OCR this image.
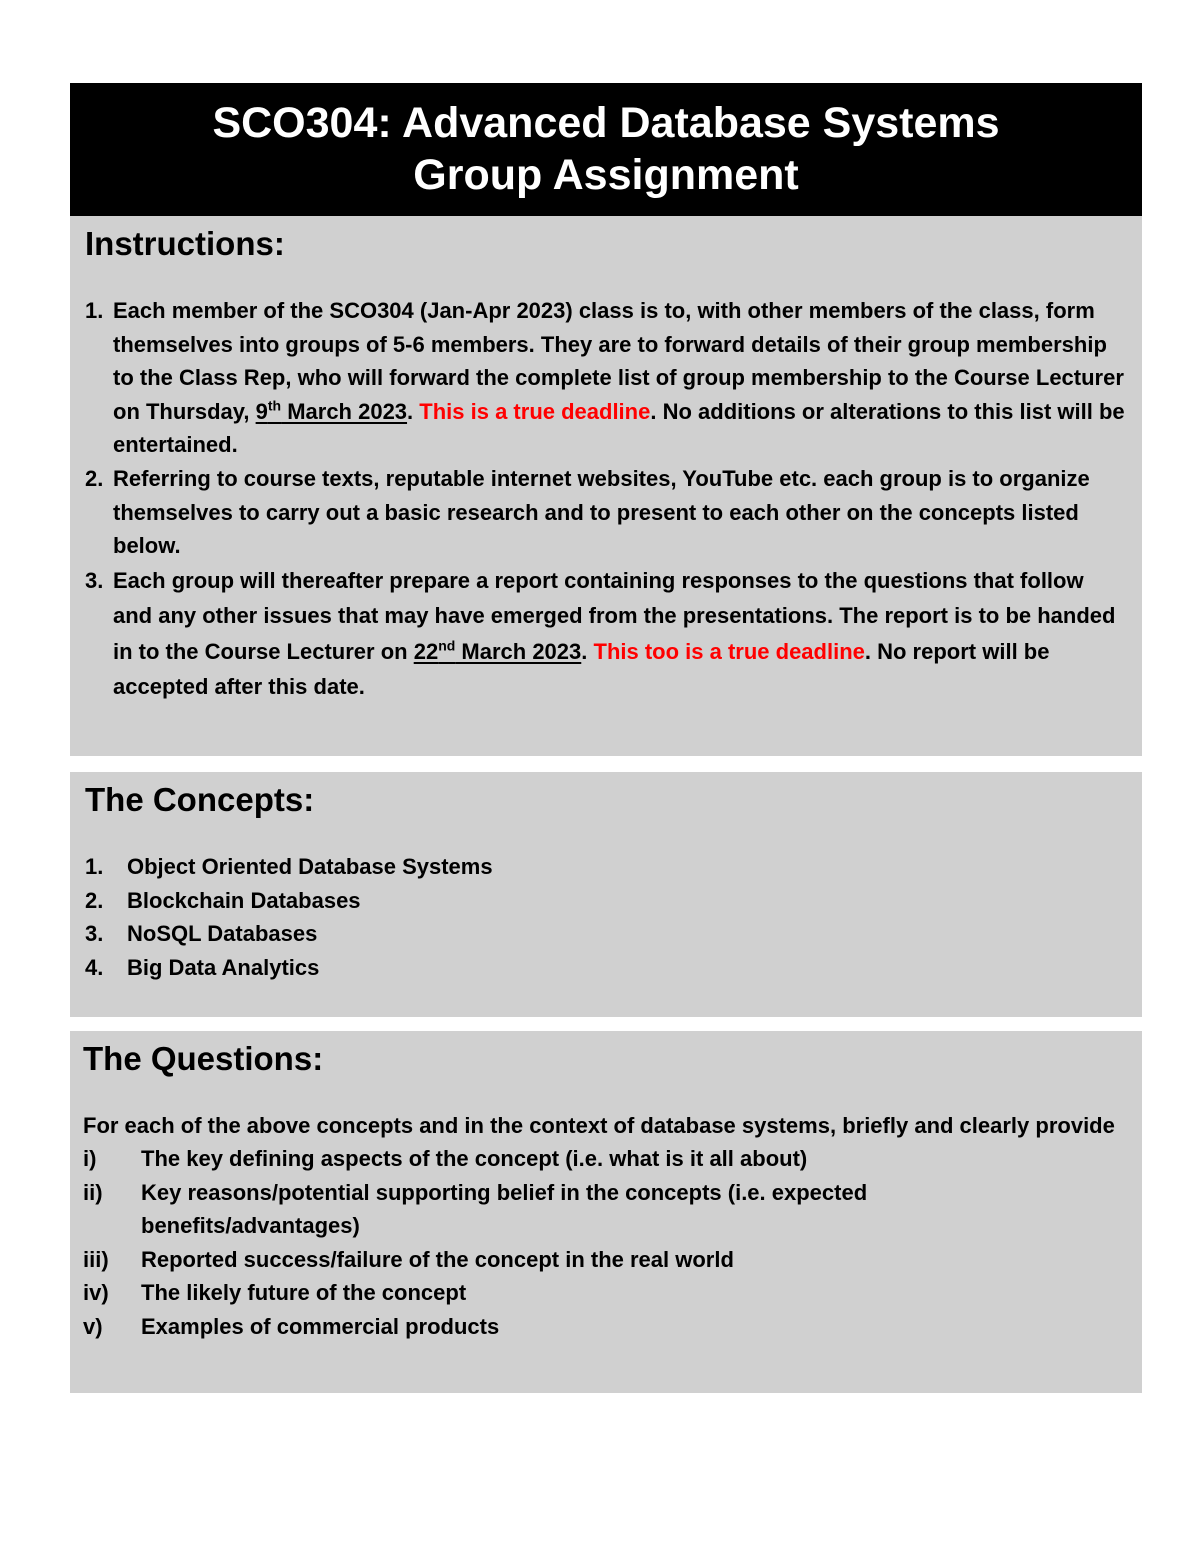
SCO304: Advanced Database Systems
Group Assignment
Instructions:
1. Each member of the SCO304 (Jan-Apr 2023) class is to, with other members of the class, form themselves into groups of 5-6 members. They are to forward details of their group membership to the Class Rep, who will forward the complete list of group membership to the Course Lecturer on Thursday, 9th March 2023. This is a true deadline. No additions or alterations to this list will be entertained.
2. Referring to course texts, reputable internet websites, YouTube etc. each group is to organize themselves to carry out a basic research and to present to each other on the concepts listed below.
3. Each group will thereafter prepare a report containing responses to the questions that follow and any other issues that may have emerged from the presentations. The report is to be handed in to the Course Lecturer on 22nd March 2023. This too is a true deadline. No report will be accepted after this date.
The Concepts:
1.	Object Oriented Database Systems
2.	Blockchain Databases
3.	NoSQL Databases
4.	Big Data Analytics
The Questions:
For each of the above concepts and in the context of database systems, briefly and clearly provide
i)	The key defining aspects of the concept (i.e. what is it all about)
ii)	Key reasons/potential supporting belief in the concepts (i.e. expected benefits/advantages)
iii)	Reported success/failure of the concept in the real world
iv)	The likely future of the concept
v)	Examples of commercial products
